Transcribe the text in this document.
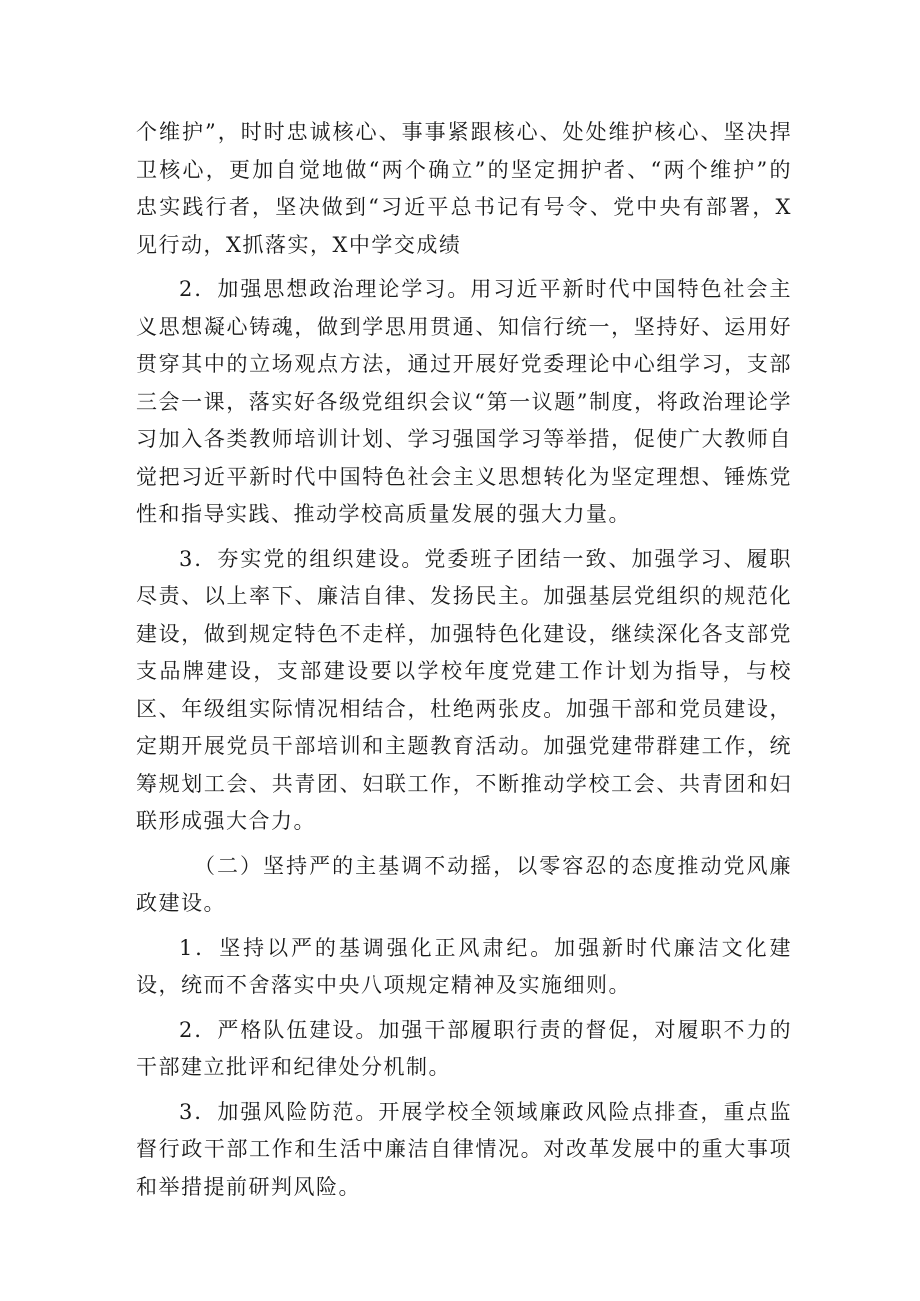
个维护”，时时忠诚核心、事事紧跟核心、处处维护核心、坚决捍卫核心，更加自觉地做“两个确立”的坚定拥护者、“两个维护”的忠实践行者，坚决做到“习近平总书记有号令、党中央有部署，X见行动，X抓落实，X中学交成绩

2．加强思想政治理论学习。用习近平新时代中国特色社会主义思想凝心铸魂，做到学思用贯通、知信行统一，坚持好、运用好贯穿其中的立场观点方法，通过开展好党委理论中心组学习，支部三会一课，落实好各级党组织会议“第一议题”制度，将政治理论学习加入各类教师培训计划、学习强国学习等举措，促使广大教师自觉把习近平新时代中国特色社会主义思想转化为坚定理想、锤炼党性和指导实践、推动学校高质量发展的强大力量。

3．夯实党的组织建设。党委班子团结一致、加强学习、履职尽责、以上率下、廉洁自律、发扬民主。加强基层党组织的规范化建设，做到规定特色不走样，加强特色化建设，继续深化各支部党支品牌建设，支部建设要以学校年度党建工作计划为指导，与校区、年级组实际情况相结合，杜绝两张皮。加强干部和党员建设，定期开展党员干部培训和主题教育活动。加强党建带群建工作，统筹规划工会、共青团、妇联工作，不断推动学校工会、共青团和妇联形成强大合力。

（二）坚持严的主基调不动摇，以零容忍的态度推动党风廉政建设。

1．坚持以严的基调强化正风肃纪。加强新时代廉洁文化建设，统而不舍落实中央八项规定精神及实施细则。

2．严格队伍建设。加强干部履职行责的督促，对履职不力的干部建立批评和纪律处分机制。

3．加强风险防范。开展学校全领域廉政风险点排查，重点监督行政干部工作和生活中廉洁自律情况。对改革发展中的重大事项和举措提前研判风险。
